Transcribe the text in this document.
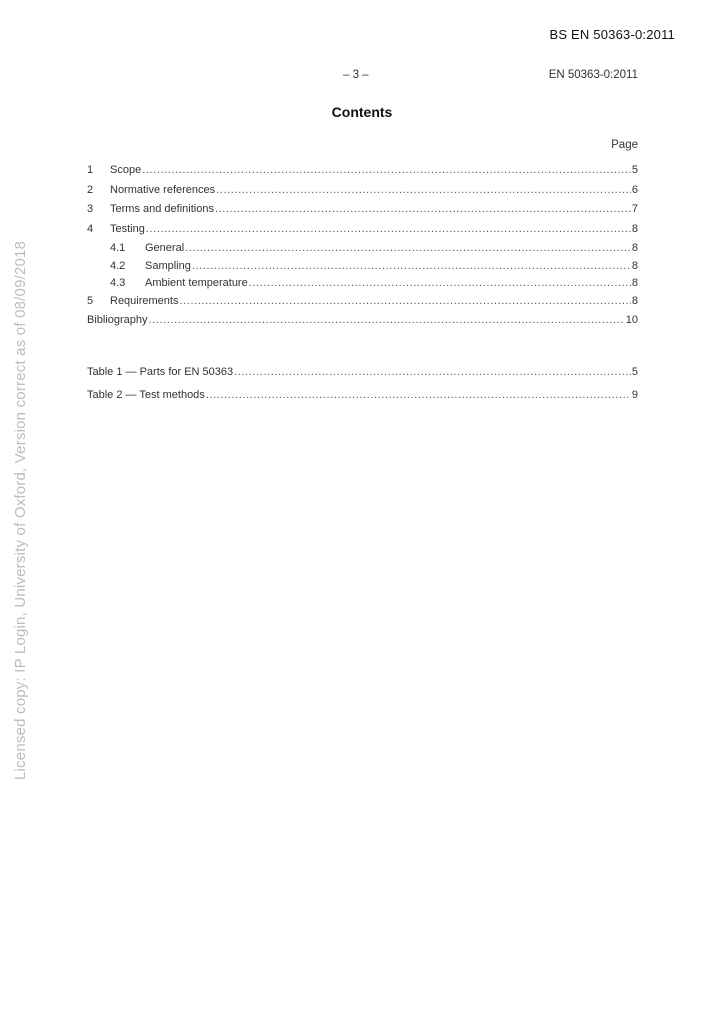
BS EN 50363-0:2011
– 3 –	EN 50363-0:2011
Contents
Page
1	Scope .....	5
2	Normative references .....	6
3	Terms and definitions .....	7
4	Testing .....	8
4.1	General .....	8
4.2	Sampling .....	8
4.3	Ambient temperature .....	8
5	Requirements .....	8
Bibliography .....	10
Table 1 — Parts for EN 50363 .....	5
Table 2 — Test methods .....	9
Licensed copy: IP Login, University of Oxford, Version correct as of 08/09/2018
